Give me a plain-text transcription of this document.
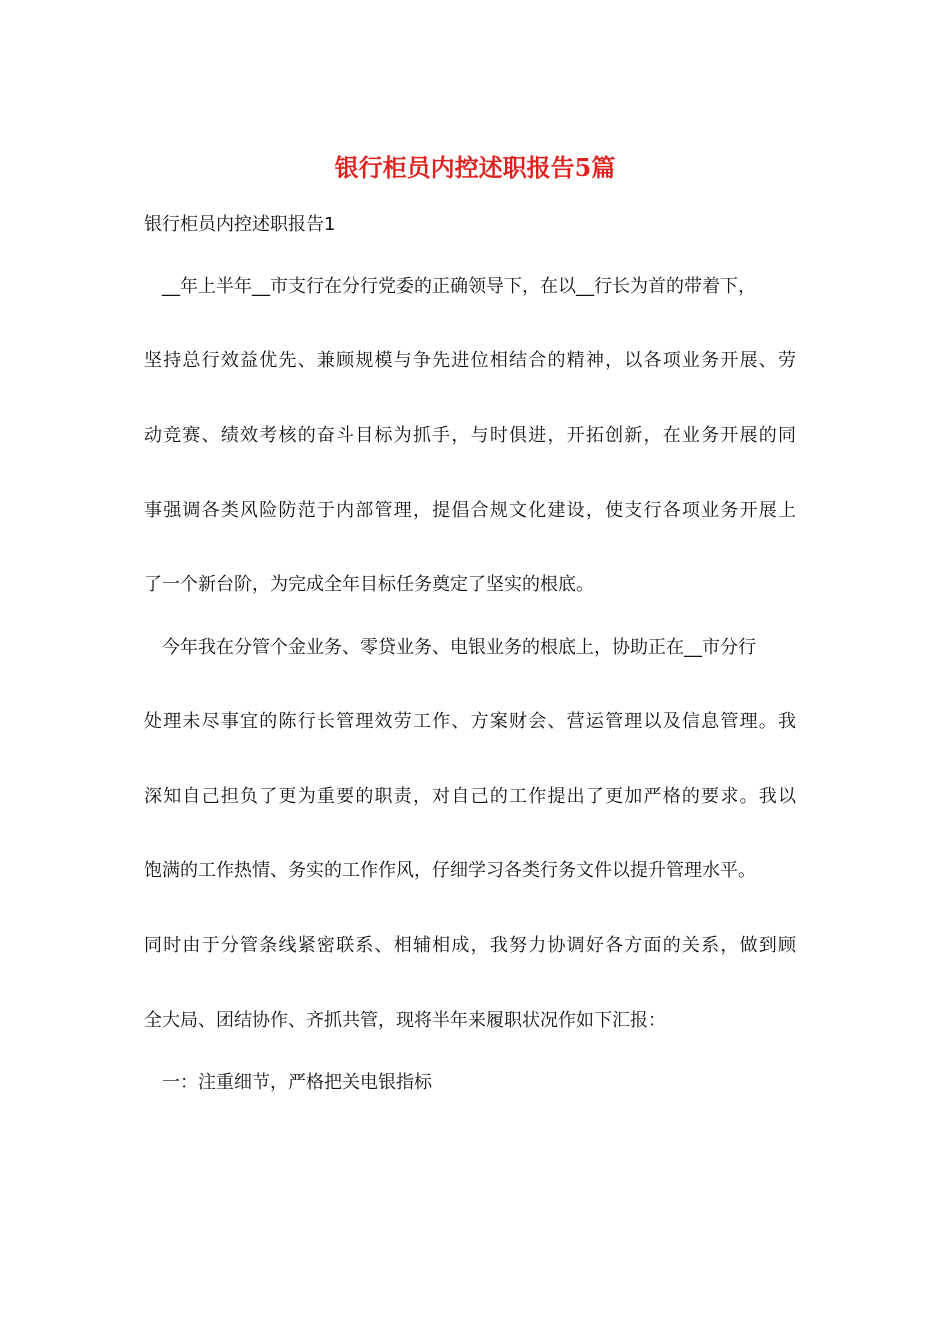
银行柜员内控述职报告5篇
银行柜员内控述职报告1
__年上半年__市支行在分行党委的正确领导下，在以__行长为首的带着下，
坚持总行效益优先、兼顾规模与争先进位相结合的精神，以各项业务开展、劳
动竞赛、绩效考核的奋斗目标为抓手，与时俱进，开拓创新，在业务开展的同
事强调各类风险防范于内部管理，提倡合规文化建设，使支行各项业务开展上
了一个新台阶，为完成全年目标任务奠定了坚实的根底。
今年我在分管个金业务、零贷业务、电银业务的根底上，协助正在__市分行
处理未尽事宜的陈行长管理效劳工作、方案财会、营运管理以及信息管理。我
深知自己担负了更为重要的职责，对自己的工作提出了更加严格的要求。我以
饱满的工作热情、务实的工作作风，仔细学习各类行务文件以提升管理水平。
同时由于分管条线紧密联系、相辅相成，我努力协调好各方面的关系，做到顾
全大局、团结协作、齐抓共管，现将半年来履职状况作如下汇报：
一：注重细节，严格把关电银指标
